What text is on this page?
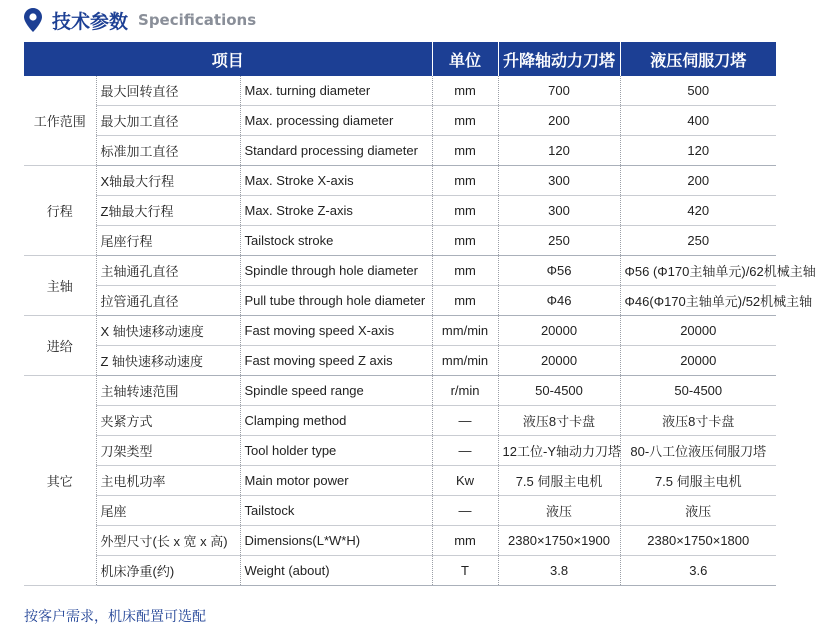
技术参数 Specifications
项目			单位	升降轴动力刀塔	液压伺服刀塔
工作范围	最大回转直径	Max. turning diameter	mm	700	500
	最大加工直径	Max. processing diameter	mm	200	400
	标准加工直径	Standard processing diameter	mm	120	120
行程	X轴最大行程	Max. Stroke X-axis	mm	300	200
	Z轴最大行程	Max. Stroke Z-axis	mm	300	420
	尾座行程	Tailstock stroke	mm	250	250
主轴	主轴通孔直径	Spindle through hole diameter	mm	Φ56	Φ56 (Φ170主轴单元)/62机械主轴
	拉管通孔直径	Pull tube through hole diameter	mm	Φ46	Φ46(Φ170主轴单元)/52机械主轴
进给	X 轴快速移动速度	Fast moving speed X-axis	mm/min	20000	20000
	Z 轴快速移动速度	Fast moving speed Z axis	mm/min	20000	20000
其它	主轴转速范围	Spindle speed range	r/min	50-4500	50-4500
	夹紧方式	Clamping method	—	液压8寸卡盘	液压8寸卡盘
	刀架类型	Tool holder type	—	12工位-Y轴动力刀塔	80-八工位液压伺服刀塔
	主电机功率	Main motor power	Kw	7.5 伺服主电机	7.5 伺服主电机
	尾座	Tailstock	—	液压	液压
	外型尺寸(长 x 宽 x 高)	Dimensions(L*W*H)	mm	2380×1750×1900	2380×1750×1800
	机床净重(约)	Weight (about)	T	3.8	3.6
按客户需求，机床配置可选配
